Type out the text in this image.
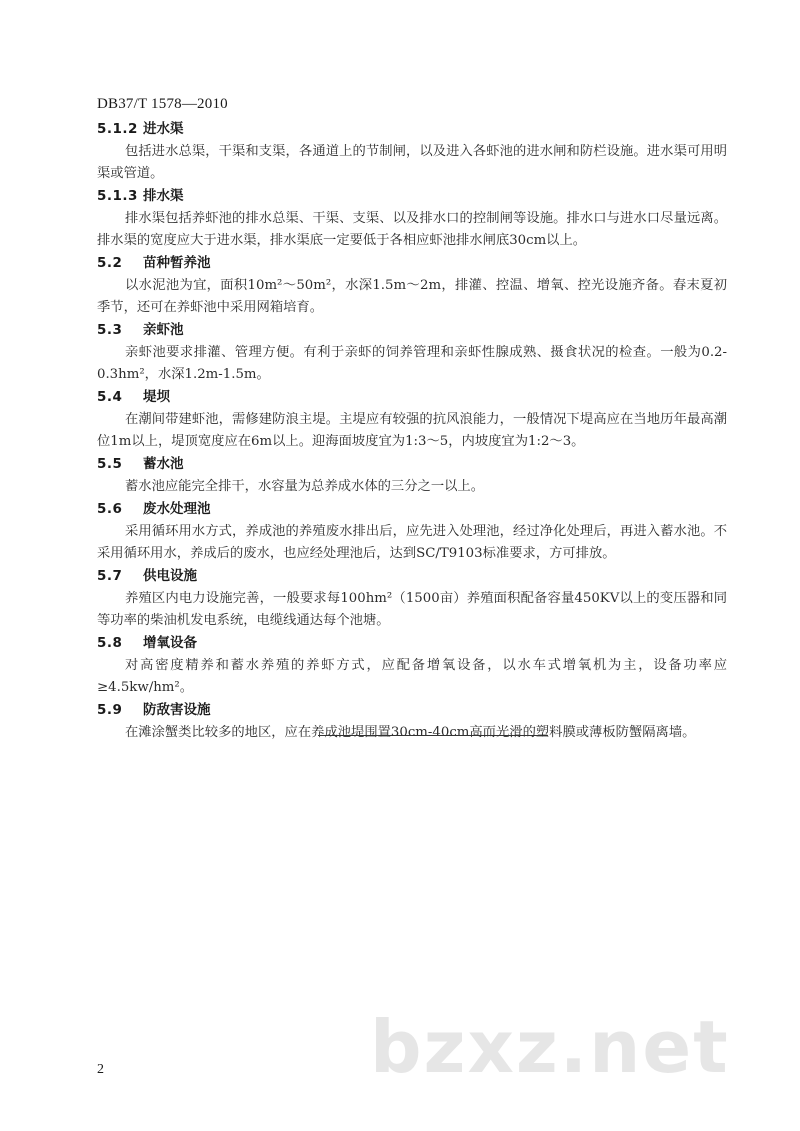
DB37/T 1578—2010
5.1.2 进水渠

包括进水总渠，干渠和支渠，各通道上的节制闸，以及进入各虾池的进水闸和防栏设施。进水渠可用明渠或管道。

5.1.3 排水渠

排水渠包括养虾池的排水总渠、干渠、支渠、以及排水口的控制闸等设施。排水口与进水口尽量远离。排水渠的宽度应大于进水渠，排水渠底一定要低于各相应虾池排水闸底30cm以上。

5.2 苗种暂养池

以水泥池为宜，面积10m²～50m²，水深1.5m～2m，排灌、控温、增氧、控光设施齐备。春末夏初季节，还可在养虾池中采用网箱培育。

5.3 亲虾池

亲虾池要求排灌、管理方便。有利于亲虾的饲养管理和亲虾性腺成熟、摄食状况的检查。一般为0.2-0.3hm²，水深1.2m-1.5m。

5.4 堤坝

在潮间带建虾池，需修建防浪主堤。主堤应有较强的抗风浪能力，一般情况下堤高应在当地历年最高潮位1m以上，堤顶宽度应在6m以上。迎海面坡度宜为1:3～5，内坡度宜为1:2～3。

5.5 蓄水池

蓄水池应能完全排干，水容量为总养成水体的三分之一以上。

5.6 废水处理池

采用循环用水方式，养成池的养殖废水排出后，应先进入处理池，经过净化处理后，再进入蓄水池。不采用循环用水，养成后的废水，也应经处理池后，达到SC/T9103标准要求，方可排放。

5.7 供电设施

养殖区内电力设施完善，一般要求每100hm²（1500亩）养殖面积配备容量450KV以上的变压器和同等功率的柴油机发电系统，电缆线通达每个池塘。

5.8 增氧设备

对高密度精养和蓄水养殖的养虾方式，应配备增氧设备，以水车式增氧机为主，设备功率应≥4.5kw/hm²。

5.9 防敌害设施

在滩涂蟹类比较多的地区，应在养成池堤围置30cm-40cm高而光滑的塑料膜或薄板防蟹隔离墙。

bzxz.net
2
